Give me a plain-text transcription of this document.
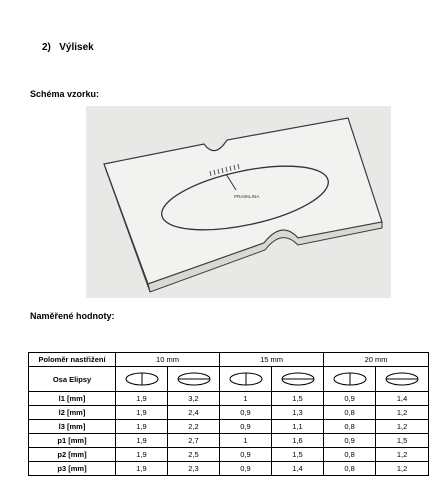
2)   Výlisek
Schéma vzorku:
PRASKLINA
Naměřené hodnoty:
Poloměr nastřižení	10 mm		15 mm		20 mm	
Osa Elipsy						
l1 [mm]	1,9	3,2	1	1,5	0,9	1,4
l2 [mm]	1,9	2,4	0,9	1,3	0,8	1,2
l3 [mm]	1,9	2,2	0,9	1,1	0,8	1,2
p1 [mm]	1,9	2,7	1	1,6	0,9	1,5
p2 [mm]	1,9	2,5	0,9	1,5	0,8	1,2
p3 [mm]	1,9	2,3	0,9	1,4	0,8	1,2
